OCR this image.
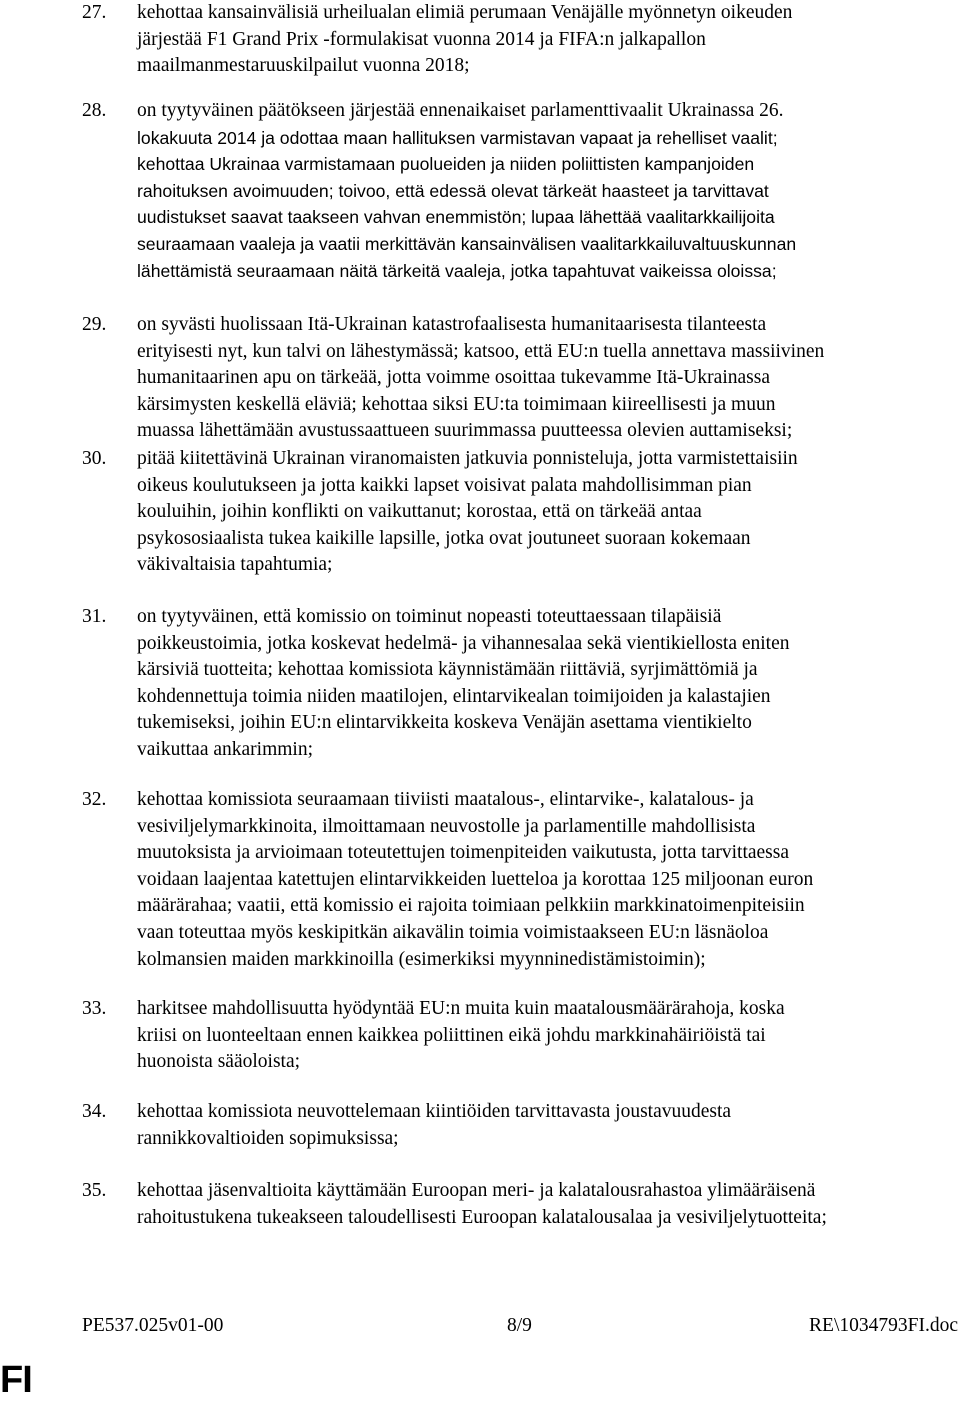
27. kehottaa kansainvälisiä urheilualan elimiä perumaan Venäjälle myönnetyn oikeuden
järjestää F1 Grand Prix -formulakisat vuonna 2014 ja FIFA:n jalkapallon
maailmanmestaruuskilpailut vuonna 2018;
28. on tyytyväinen päätökseen järjestää ennenaikaiset parlamenttivaalit Ukrainassa 26.
lokakuuta 2014 ja odottaa maan hallituksen varmistavan vapaat ja rehelliset vaalit;
kehottaa Ukrainaa varmistamaan puolueiden ja niiden poliittisten kampanjoiden
rahoituksen avoimuuden; toivoo, että edessä olevat tärkeät haasteet ja tarvittavat
uudistukset saavat taakseen vahvan enemmistön; lupaa lähettää vaalitarkkailijoita
seuraamaan vaaleja ja vaatii merkittävän kansainvälisen vaalitarkkailuvaltuuskunnan
lähettämistä seuraamaan näitä tärkeitä vaaleja, jotka tapahtuvat vaikeissa oloissa;
29. on syvästi huolissaan Itä-Ukrainan katastrofaalisesta humanitaarisesta tilanteesta
erityisesti nyt, kun talvi on lähestymässä; katsoo, että EU:n tuella annettava massiivinen
humanitaarinen apu on tärkeää, jotta voimme osoittaa tukevamme Itä-Ukrainassa
kärsimysten keskellä eläviä; kehottaa siksi EU:ta toimimaan kiireellisesti ja muun
muassa lähettämään avustussaattueen suurimmassa puutteessa olevien auttamiseksi;
30. pitää kiitettävinä Ukrainan viranomaisten jatkuvia ponnisteluja, jotta varmistettaisiin
oikeus koulutukseen ja jotta kaikki lapset voisivat palata mahdollisimman pian
kouluihin, joihin konflikti on vaikuttanut; korostaa, että on tärkeää antaa
psykososiaalista tukea kaikille lapsille, jotka ovat joutuneet suoraan kokemaan
väkivaltaisia tapahtumia;
31. on tyytyväinen, että komissio on toiminut nopeasti toteuttaessaan tilapäisiä
poikkeustoimia, jotka koskevat hedelmä- ja vihannesalaa sekä vientikiellosta eniten
kärsiviä tuotteita; kehottaa komissiota käynnistämään riittäviä, syrjimättömiä ja
kohdennettuja toimia niiden maatilojen, elintarvikealan toimijoiden ja kalastajien
tukemiseksi, joihin EU:n elintarvikkeita koskeva Venäjän asettama vientikielto
vaikuttaa ankarimmin;
32. kehottaa komissiota seuraamaan tiiviisti maatalous-, elintarvike-, kalatalous- ja
vesiviljelymarkkinoita, ilmoittamaan neuvostolle ja parlamentille mahdollisista
muutoksista ja arvioimaan toteutettujen toimenpiteiden vaikutusta, jotta tarvittaessa
voidaan laajentaa katettujen elintarvikkeiden luetteloa ja korottaa 125 miljoonan euron
määrärahaa; vaatii, että komissio ei rajoita toimiaan pelkkiin markkinatoimenpiteisiin
vaan toteuttaa myös keskipitkän aikavälin toimia voimistaakseen EU:n läsnäoloa
kolmansien maiden markkinoilla (esimerkiksi myynninedistämistoimin);
33. harkitsee mahdollisuutta hyödyntää EU:n muita kuin maatalousmäärärahoja, koska
kriisi on luonteeltaan ennen kaikkea poliittinen eikä johdu markkinahäiriöistä tai
huonoista sääoloista;
34. kehottaa komissiota neuvottelemaan kiintiöiden tarvittavasta joustavuudesta
rannikkovaltioiden sopimuksissa;
35. kehottaa jäsenvaltioita käyttämään Euroopan meri- ja kalatalousrahastoa ylimääräisenä
rahoitustukena tukeakseen taloudellisesti Euroopan kalatalousalaa ja vesiviljelytuotteita;
PE537.025v01-00	8/9	RE\1034793FI.doc
FI
